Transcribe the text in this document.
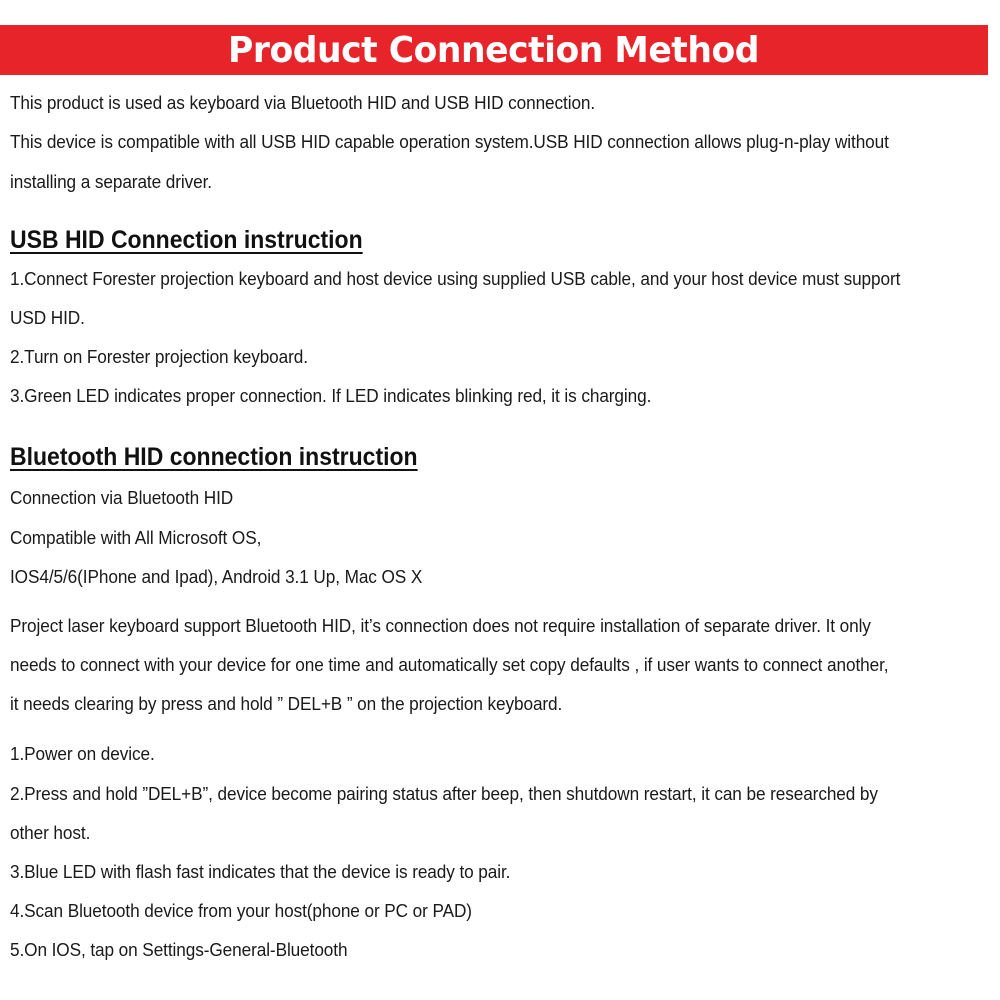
Product Connection Method
This product is used as keyboard via Bluetooth HID and USB HID connection.
This device is compatible with all USB HID capable operation system.USB HID connection allows plug-n-play without
installing a separate driver.
USB HID Connection instruction
1.Connect Forester projection keyboard and host device using supplied USB cable, and your host device must support
USD HID.
2.Turn on Forester projection keyboard.
3.Green LED indicates proper connection. If LED indicates blinking red, it is charging.
Bluetooth HID connection instruction
Connection via Bluetooth HID
Compatible with All Microsoft OS,
IOS4/5/6(IPhone and Ipad), Android 3.1 Up, Mac OS X
Project laser keyboard support Bluetooth HID, it’s connection does not require installation of separate driver. It only
needs to connect with your device for one time and automatically set copy defaults , if user wants to connect another,
it needs clearing by press and hold ” DEL+B ” on the projection keyboard.
1.Power on device.
2.Press and hold ”DEL+B”, device become pairing status after beep, then shutdown restart, it can be researched by
other host.
3.Blue LED with flash fast indicates that the device is ready to pair.
4.Scan Bluetooth device from your host(phone or PC or PAD)
5.On IOS, tap on Settings-General-Bluetooth
